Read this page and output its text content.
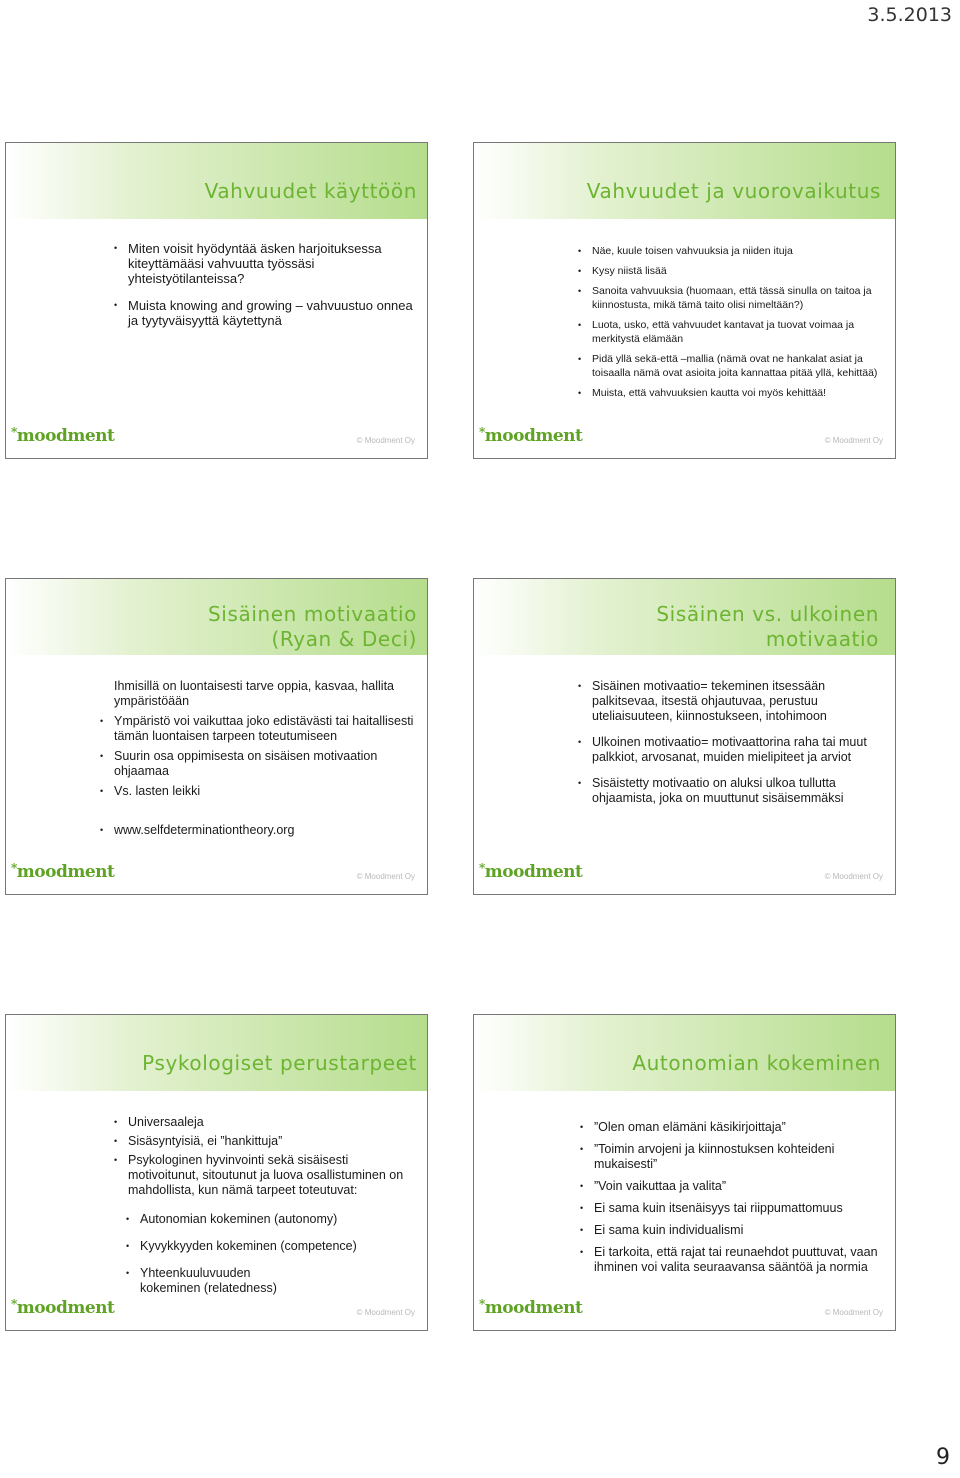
3.5.2013
Vahvuudet käyttöön
• Miten voisit hyödyntää äsken harjoituksessa kiteyttämääsi vahvuutta työssäsi yhteistyötilanteissa?
• Muista knowing and growing – vahvuustuo onnea ja tyytyväisyyttä käytettynä
*moodment	© Moodment Oy
Vahvuudet ja vuorovaikutus
• Näe, kuule toisen vahvuuksia ja niiden ituja
• Kysy niistä lisää
• Sanoita vahvuuksia (huomaan, että tässä sinulla on taitoa ja kiinnostusta, mikä tämä taito olisi nimeltään?)
• Luota, usko, että vahvuudet kantavat ja tuovat voimaa ja merkitystä elämään
• Pidä yllä sekä-että –mallia (nämä ovat ne hankalat asiat ja toisaalla nämä ovat asioita joita kannattaa pitää yllä, kehittää)
• Muista, että vahvuuksien kautta voi myös kehittää!
*moodment	© Moodment Oy
Sisäinen motivaatio
(Ryan & Deci)
Ihmisillä on luontaisesti tarve oppia, kasvaa, hallita ympäristöään
• Ympäristö voi vaikuttaa joko edistävästi tai haitallisesti tämän luontaisen tarpeen toteutumiseen
• Suurin osa oppimisesta on sisäisen motivaation ohjaamaa
• Vs. lasten leikki
• www.selfdeterminationtheory.org
*moodment	© Moodment Oy
Sisäinen vs. ulkoinen
motivaatio
• Sisäinen motivaatio= tekeminen itsessään palkitsevaa, itsestä ohjautuvaa, perustuu uteliaisuuteen, kiinnostukseen, intohimoon
• Ulkoinen motivaatio= motivaattorina raha tai muut palkkiot, arvosanat, muiden mielipiteet ja arviot
• Sisäistetty motivaatio on aluksi ulkoa tullutta ohjaamista, joka on muuttunut sisäisemmäksi
*moodment	© Moodment Oy
Psykologiset perustarpeet
• Universaaleja
• Sisäsyntyisiä, ei ”hankittuja”
• Psykologinen hyvinvointi sekä sisäisesti motivoitunut, sitoutunut ja luova osallistuminen on mahdollista, kun nämä tarpeet toteutuvat:
• Autonomian kokeminen (autonomy)
• Kyvykkyyden kokeminen (competence)
• Yhteenkuuluvuuden kokeminen (relatedness)
*moodment	© Moodment Oy
Autonomian kokeminen
• ”Olen oman elämäni käsikirjoittaja”
• ”Toimin arvojeni ja kiinnostuksen kohteideni mukaisesti”
• ”Voin vaikuttaa ja valita”
• Ei sama kuin itsenäisyys tai riippumattomuus
• Ei sama kuin individualismi
• Ei tarkoita, että rajat tai reunaehdot puuttuvat, vaan ihminen voi valita seuraavansa sääntöä ja normia
*moodment	© Moodment Oy
9
